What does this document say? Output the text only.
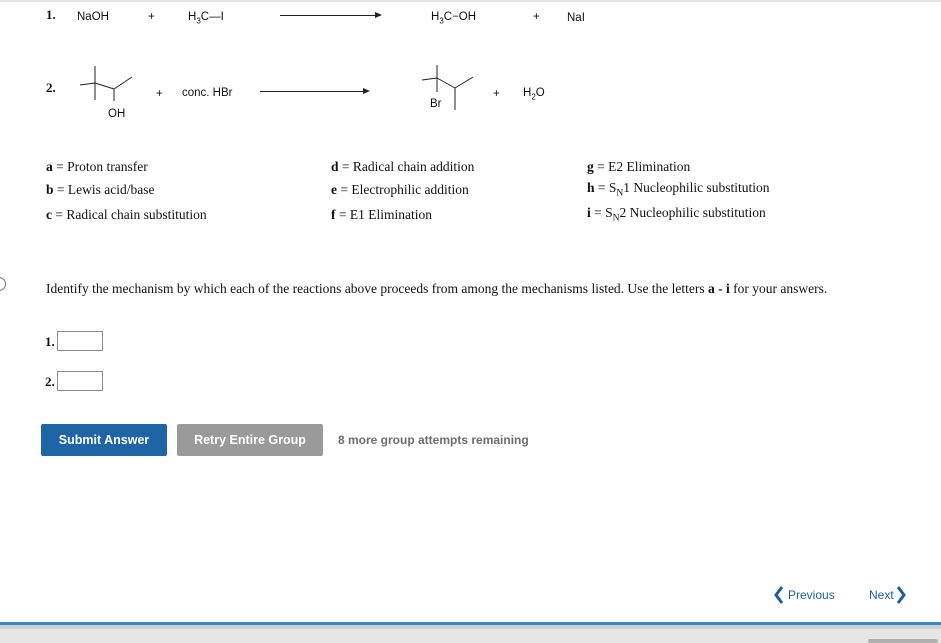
1. NaOH	+	$H_3C—I$	$H_3C-OH$	+ NaI
2.
OH
+ conc. HBr
Br
+ $H_2O$
a = Proton transfer
b = Lewis acid/base
c = Radical chain substitution
d = Radical chain addition
e = Electrophilic addition
f = E1 Elimination
g = E2 Elimination
$h = S_N1$ Nucleophilic substitution
$i = S_N2$ Nucleophilic substitution
Identify the mechanism by which each of the reactions above proceeds from among the mechanisms listed. Use the letters a - i for your answers.
1.
2.
Submit Answer	Retry Entire Group	8 more group attempts remaining
Previous	Next
